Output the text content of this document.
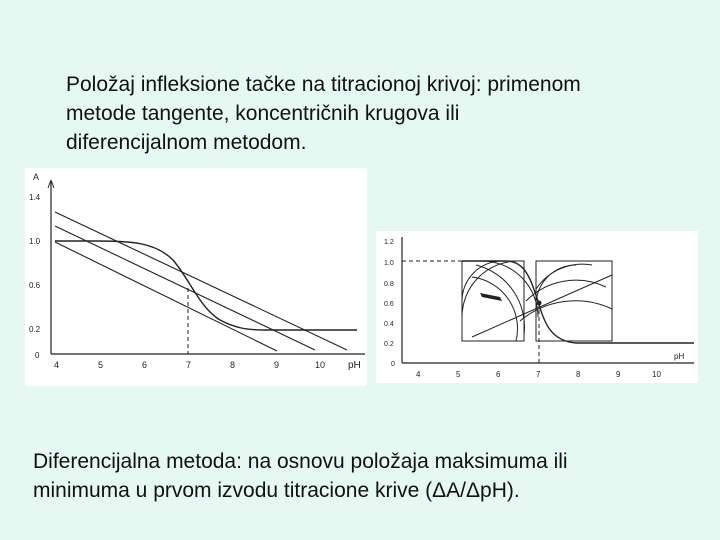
Položaj infleksione tačke na titracionoj krivoj: primenom
metode tangente, koncentričnih krugova ili
diferencijalnom metodom.
A
pH
0
0.2
0.6
1.0
1.4
4	5	6	7	8	9	10
pH
0
0.2
0.4
0.6
0.8
1.0
1.2
4	5	6	7	8	9	10
Diferencijalna metoda: na osnovu položaja maksimuma ili
minimuma u prvom izvodu titracione krive (ΔA/ΔpH).
